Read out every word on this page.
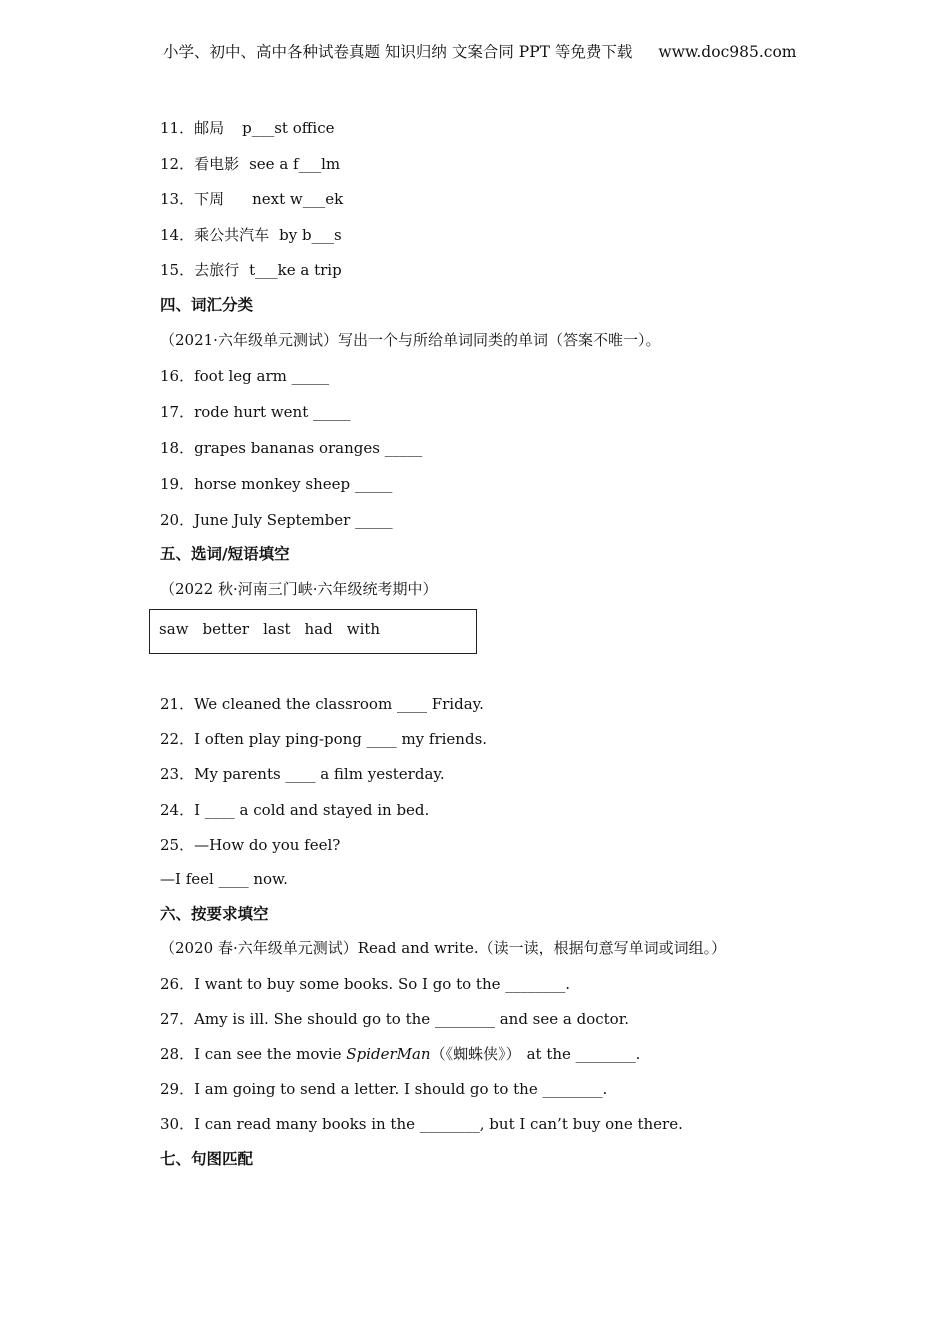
小学、初中、高中各种试卷真题 知识归纳 文案合同 PPT 等免费下载 www.doc985.com
11．邮局 p___st office
12．看电影 see a f___lm
13．下周 next w___ek
14．乘公共汽车 by b___s
15．去旅行 t___ke a trip
四、词汇分类
（2021·六年级单元测试）写出一个与所给单词同类的单词（答案不唯一）。
16．foot leg arm _____
17．rode hurt went _____
18．grapes bananas oranges _____
19．horse monkey sheep _____
20．June July September _____
五、选词/短语填空
（2022 秋·河南三门峡·六年级统考期中）
saw better last had with
21．We cleaned the classroom ____ Friday.
22．I often play ping-pong ____ my friends.
23．My parents ____ a film yesterday.
24．I ____ a cold and stayed in bed.
25．—How do you feel?
—I feel ____ now.
六、按要求填空
（2020 春·六年级单元测试）Read and write.（读一读，根据句意写单词或词组。）
26．I want to buy some books. So I go to the ________.
27．Amy is ill. She should go to the ________ and see a doctor.
28．I can see the movie SpiderMan（《蜘蛛侠》） at the ________.
29．I am going to send a letter. I should go to the ________.
30．I can read many books in the ________, but I can’t buy one there.
七、句图匹配
